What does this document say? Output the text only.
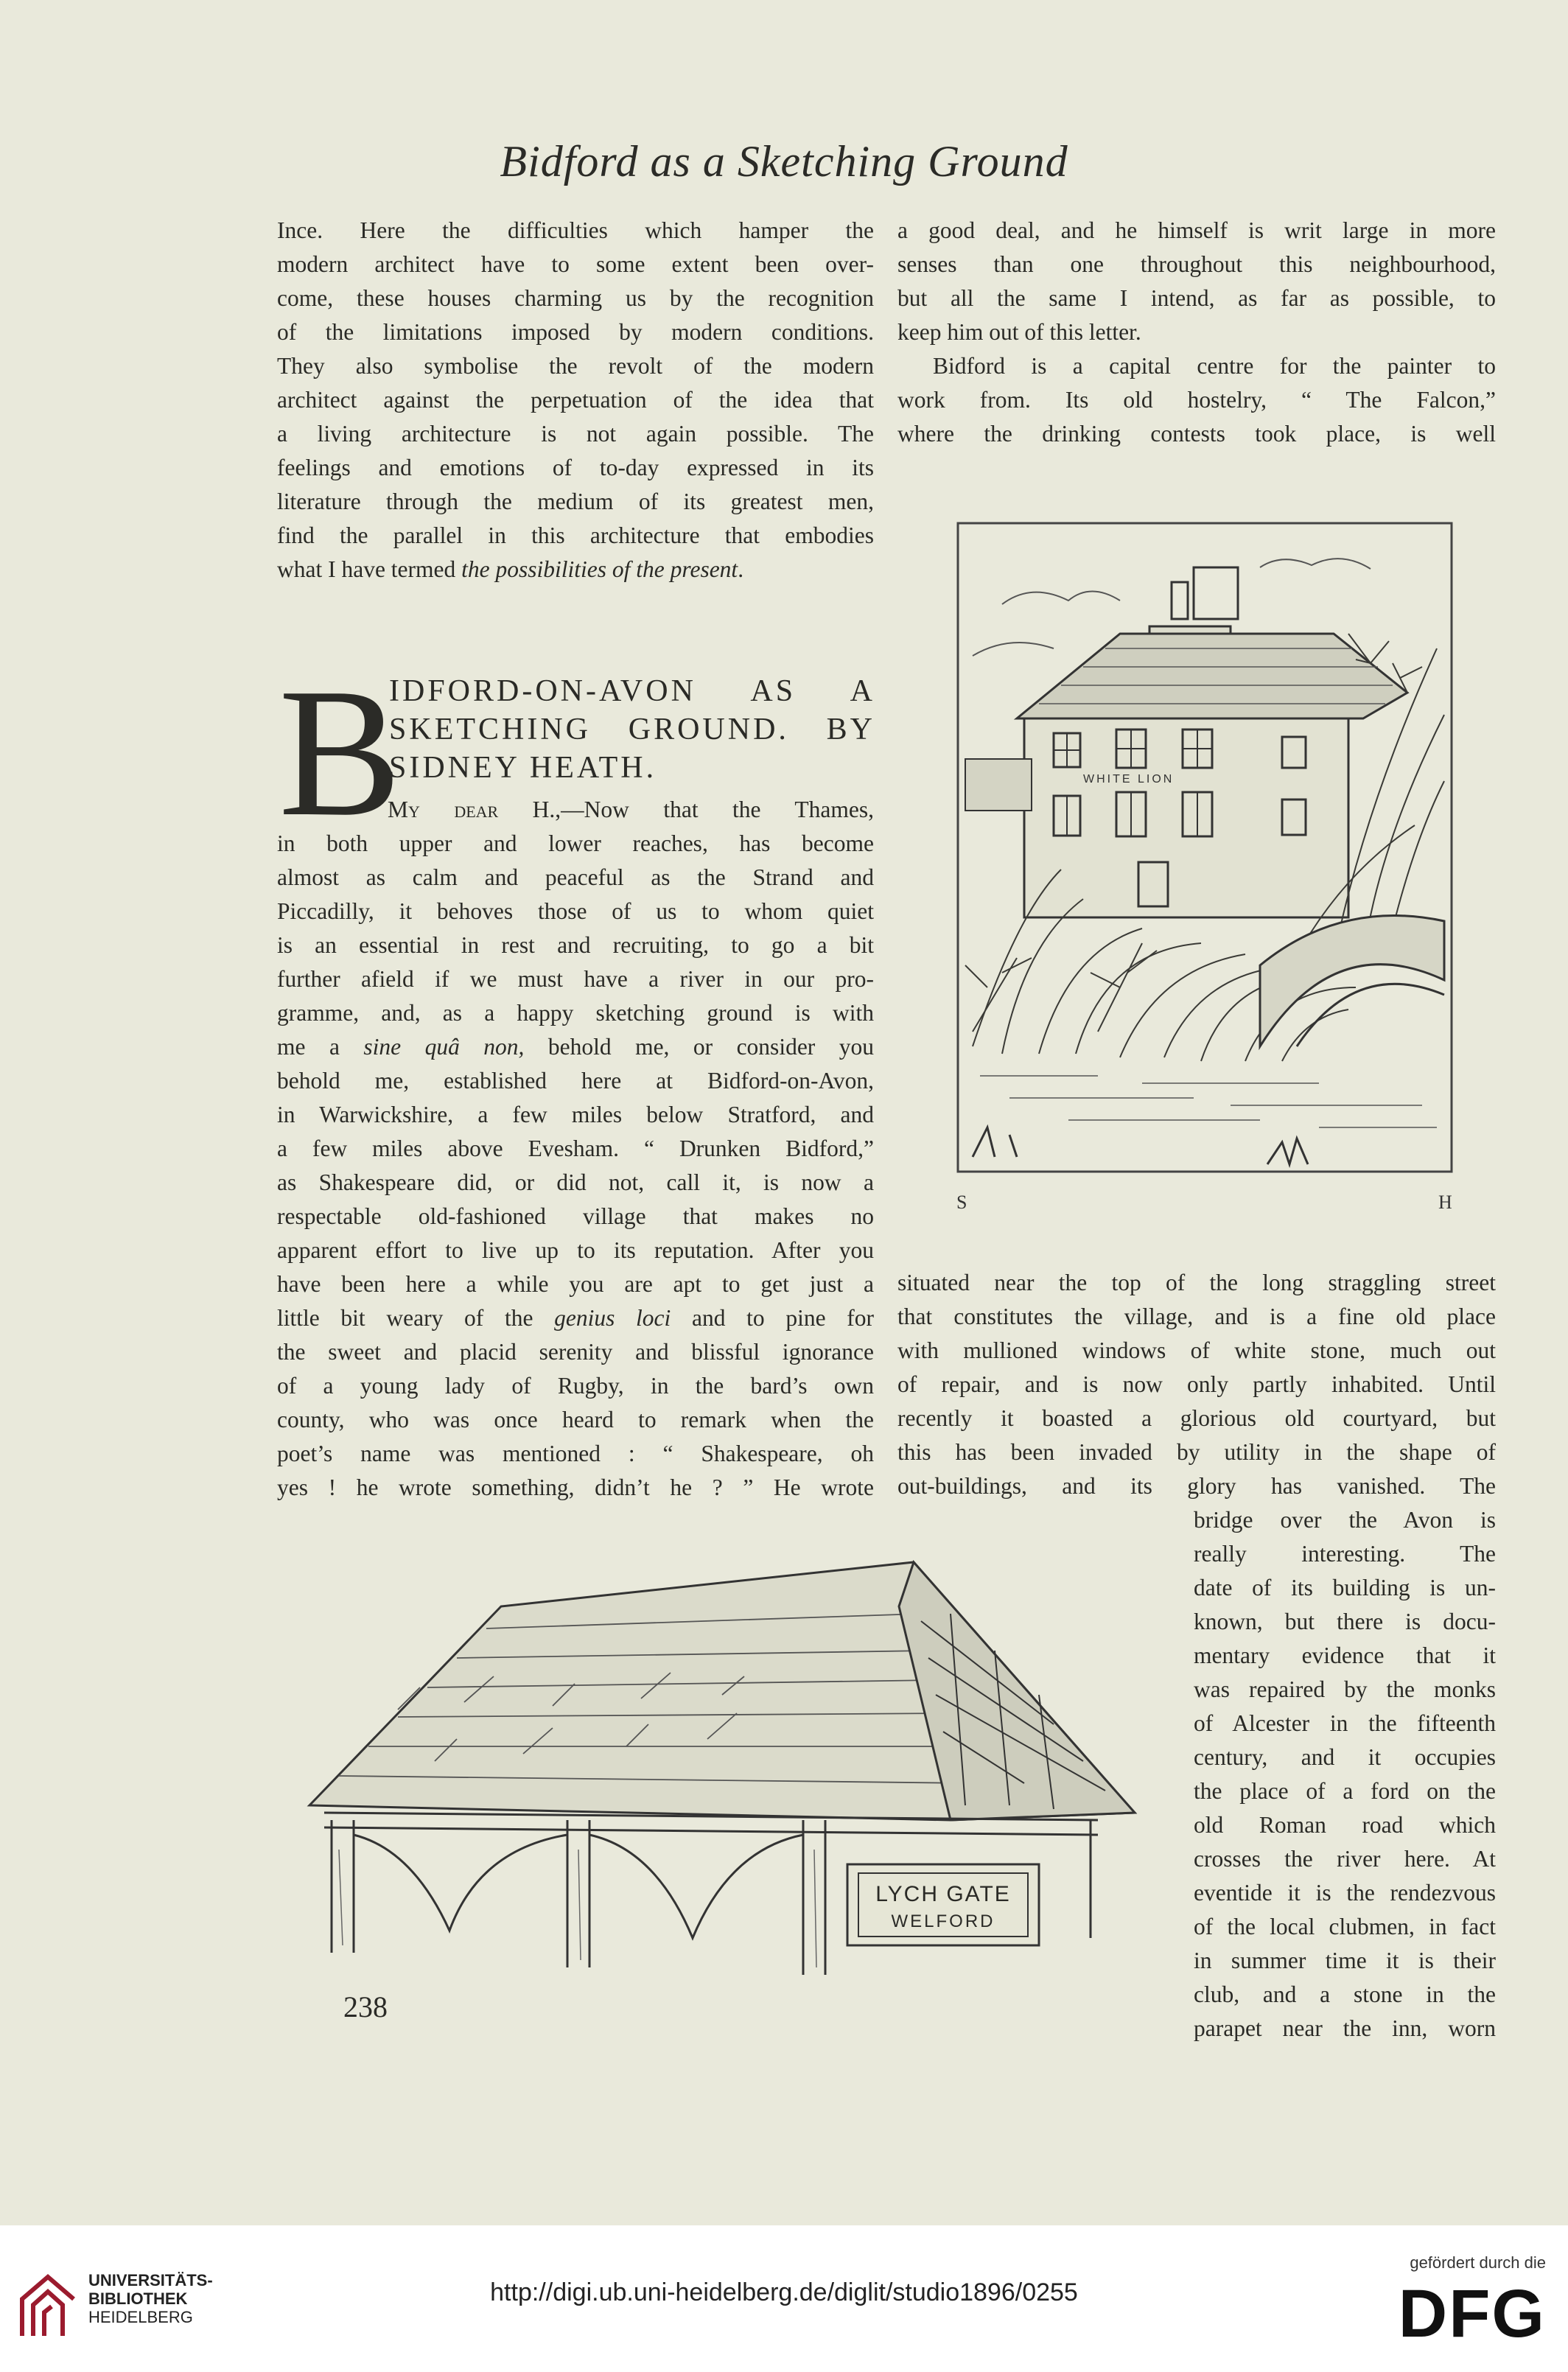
Bidford as a Sketching Ground
Ince. Here the difficulties which hamper the
modern architect have to some extent been over-
come, these houses charming us by the recognition
of the limitations imposed by modern conditions.
They also symbolise the revolt of the modern
architect against the perpetuation of the idea that
a living architecture is not again possible. The
feelings and emotions of to-day expressed in its
literature through the medium of its greatest men,
find the parallel in this architecture that embodies
what I have termed the possibilities of the present.
B
IDFORD-ON-AVON AS A
SKETCHING GROUND. BY
SIDNEY HEATH.
My dear H.,—Now that the Thames,
in both upper and lower reaches, has become
almost as calm and peaceful as the Strand and
Piccadilly, it behoves those of us to whom quiet
is an essential in rest and recruiting, to go a bit
further afield if we must have a river in our pro-
gramme, and, as a happy sketching ground is with
me a sine quâ non, behold me, or consider you
behold me, established here at Bidford-on-Avon,
in Warwickshire, a few miles below Stratford, and
a few miles above Evesham. “ Drunken Bidford,”
as Shakespeare did, or did not, call it, is now a
respectable old-fashioned village that makes no
apparent effort to live up to its reputation. After you
have been here a while you are apt to get just a
little bit weary of the genius loci and to pine for
the sweet and placid serenity and blissful ignorance
of a young lady of Rugby, in the bard’s own
county, who was once heard to remark when the
poet’s name was mentioned : “ Shakespeare, oh
yes ! he wrote something, didn’t he ? ” He wrote
a good deal, and he himself is writ large in more
senses than one throughout this neighbourhood,
but all the same I intend, as far as possible, to
keep him out of this letter.
Bidford is a capital centre for the painter to
work from. Its old hostelry, “ The Falcon,”
where the drinking contests took place, is well
WHITE LION
S	H
situated near the top of the long straggling street
that constitutes the village, and is a fine old place
with mullioned windows of white stone, much out
of repair, and is now only partly inhabited. Until
recently it boasted a glorious old courtyard, but
this has been invaded by utility in the shape of
out-buildings, and its glory has vanished. The
bridge over the Avon is
really interesting. The
date of its building is un-
known, but there is docu-
mentary evidence that it
was repaired by the monks
of Alcester in the fifteenth
century, and it occupies
the place of a ford on the
old Roman road which
crosses the river here. At
eventide it is the rendezvous
of the local clubmen, in fact
in summer time it is their
club, and a stone in the
parapet near the inn, worn
LYCH GATE
WELFORD
238
UNIVERSITÄTS-
BIBLIOTHEK
HEIDELBERG
http://digi.ub.uni-heidelberg.de/diglit/studio1896/0255
gefördert durch die
DFG
